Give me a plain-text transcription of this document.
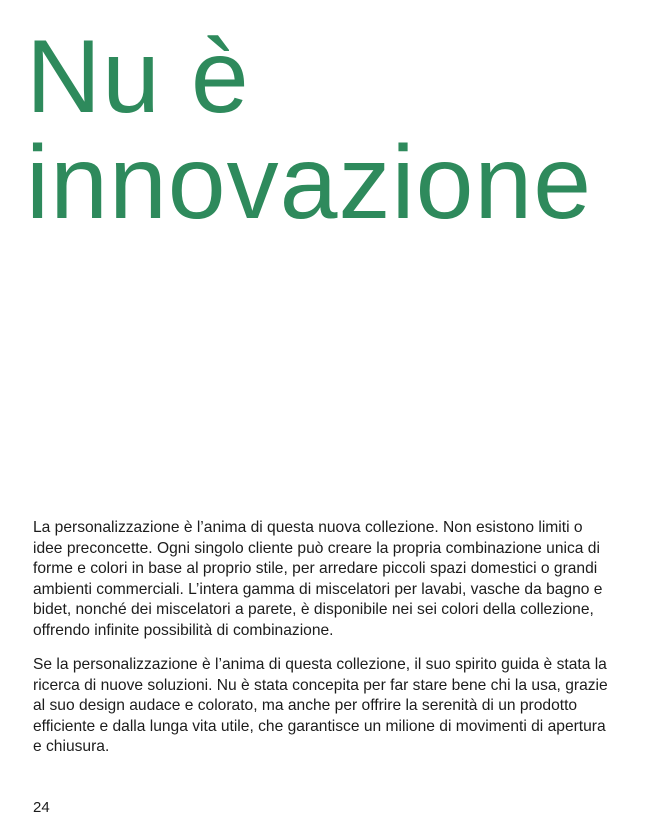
Nu è
innovazione

La personalizzazione è l’anima di questa nuova collezione. Non esistono limiti o idee preconcette. Ogni singolo cliente può creare la propria combinazione unica di forme e colori in base al proprio stile, per arredare piccoli spazi domestici o grandi ambienti commerciali. L’intera gamma di miscelatori per lavabi, vasche da bagno e bidet, nonché dei miscelatori a parete, è disponibile nei sei colori della collezione, offrendo infinite possibilità di combinazione.

Se la personalizzazione è l’anima di questa collezione, il suo spirito guida è stata la ricerca di nuove soluzioni. Nu è stata concepita per far stare bene chi la usa, grazie al suo design audace e colorato, ma anche per offrire la serenità di un prodotto efficiente e dalla lunga vita utile, che garantisce un milione di movimenti di apertura e chiusura.

24
